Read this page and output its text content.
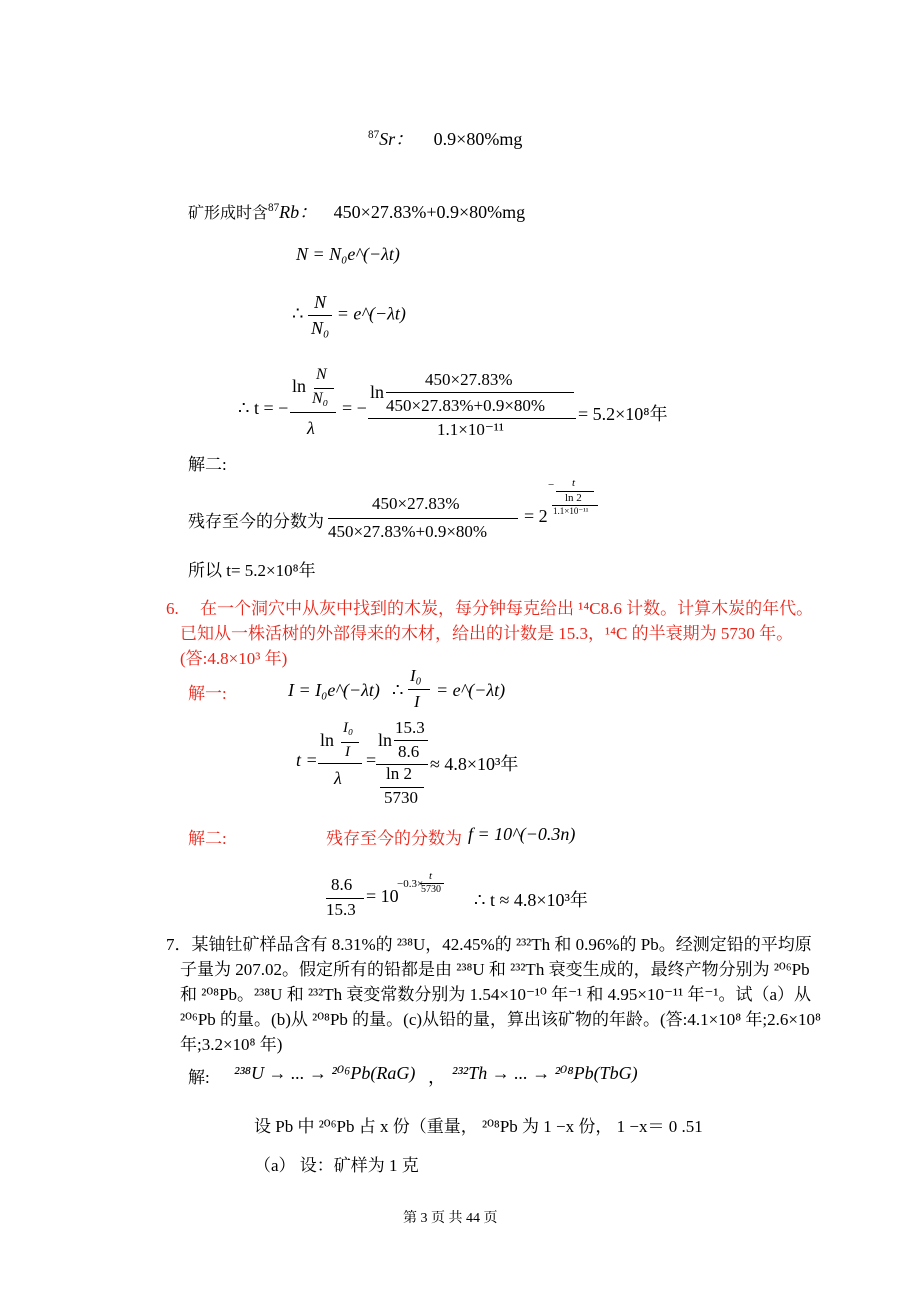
$^{87}$Sr： 0.9×80%mg
矿形成时含$^{87}$Rb： 450×27.83%+0.9×80%mg
N = N₀e^(−λt)
∴ $\frac{N}{\text{N₀}}$ = e^(−λt)
∴ t = −
ln
N
N₀
λ
= −
ln
450×27.83%
450×27.83%+0.9×80%
1.1×10⁻¹¹
= 5.2×10⁸年
解二:
残存至今的分数为
450×27.83%
450×27.83%+0.9×80%
= 2
− t
ln 2
1.1×10⁻¹¹
所以 t= 5.2×10⁸年
6. 在一个洞穴中从灰中找到的木炭，每分钟每克给出 ¹⁴C8.6 计数。计算木炭的年代。
已知从一株活树的外部得来的木材，给出的计数是 15.3，¹⁴C 的半衰期为 5730 年。
(答:4.8×10³ 年)
解一:	I = I₀e^(−λt) ∴
I₀
I
= e^(−λt)
t =
ln
I₀
I
λ
=
ln
15.3
8.6
ln 2
5730
≈ 4.8×10³年
解二:	残存至今的分数为 f = 10^(−0.3n)
8.6
15.3
= 10
−0.3×
t
5730
∴ t ≈ 4.8×10³年
7．某铀钍矿样品含有 8.31%的 ²³⁸U，42.45%的 ²³²Th 和 0.96%的 Pb。经测定铅的平均原
子量为 207.02。假定所有的铅都是由 ²³⁸U 和 ²³²Th 衰变生成的，最终产物分别为 ²⁰⁶Pb
和 ²⁰⁸Pb。²³⁸U 和 ²³²Th 衰变常数分别为 1.54×10⁻¹⁰ 年⁻¹ 和 4.95×10⁻¹¹ 年⁻¹。试（a）从
²⁰⁶Pb 的量。(b)从 ²⁰⁸Pb 的量。(c)从铅的量，算出该矿物的年龄。(答:4.1×10⁸ 年;2.6×10⁸
年;3.2×10⁸ 年)
解: ²³⁸U → ... → ²⁰⁶Pb(RaG) ， ²³²Th → ... → ²⁰⁸Pb(TbG)
设 Pb 中 ²⁰⁶Pb 占 x 份（重量， ²⁰⁸Pb 为 1 −x 份， 1 −x＝ 0 .51
（a） 设：矿样为 1 克
第 3 页 共 44 页
